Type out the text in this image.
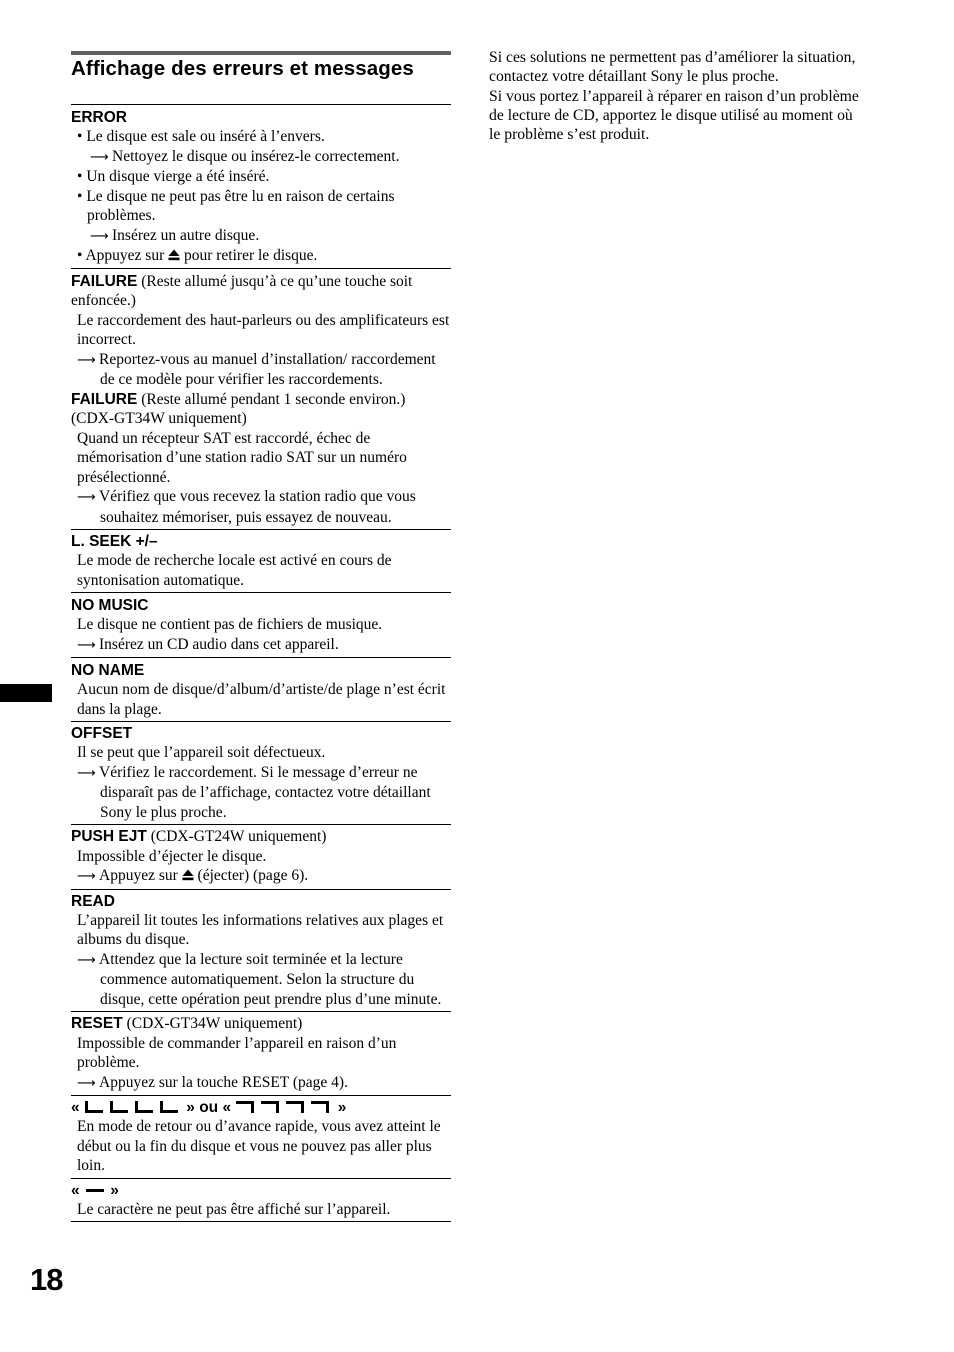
Affichage des erreurs et messages
ERROR
• Le disque est sale ou inséré à l’envers.
⟶ Nettoyez le disque ou insérez-le correctement.
• Un disque vierge a été inséré.
• Le disque ne peut pas être lu en raison de certains problèmes.
⟶ Insérez un autre disque.
• Appuyez sur pour retirer le disque.
FAILURE (Reste allumé jusqu’à ce qu’une touche soit enfoncée.)
Le raccordement des haut-parleurs ou des amplificateurs est incorrect.
⟶ Reportez-vous au manuel d’installation/ raccordement de ce modèle pour vérifier les raccordements.
FAILURE (Reste allumé pendant 1 seconde environ.) (CDX-GT34W uniquement)
Quand un récepteur SAT est raccordé, échec de mémorisation d’une station radio SAT sur un numéro présélectionné.
⟶ Vérifiez que vous recevez la station radio que vous souhaitez mémoriser, puis essayez de nouveau.
L. SEEK +/–
Le mode de recherche locale est activé en cours de syntonisation automatique.
NO MUSIC
Le disque ne contient pas de fichiers de musique.
⟶ Insérez un CD audio dans cet appareil.
NO NAME
Aucun nom de disque/d’album/d’artiste/de plage n’est écrit dans la plage.
OFFSET
Il se peut que l’appareil soit défectueux.
⟶ Vérifiez le raccordement. Si le message d’erreur ne disparaît pas de l’affichage, contactez votre détaillant Sony le plus proche.
PUSH EJT (CDX-GT24W uniquement)
Impossible d’éjecter le disque.
⟶ Appuyez sur (éjecter) (page 6).
READ
L’appareil lit toutes les informations relatives aux plages et albums du disque.
⟶ Attendez que la lecture soit terminée et la lecture commence automatiquement. Selon la structure du disque, cette opération peut prendre plus d’une minute.
RESET (CDX-GT34W uniquement)
Impossible de commander l’appareil en raison d’un problème.
⟶ Appuyez sur la touche RESET (page 4).
«	» ou «	»
En mode de retour ou d’avance rapide, vous avez atteint le début ou la fin du disque et vous ne pouvez pas aller plus loin.
« »
Le caractère ne peut pas être affiché sur l’appareil.
Si ces solutions ne permettent pas d’améliorer la situation, contactez votre détaillant Sony le plus proche.
Si vous portez l’appareil à réparer en raison d’un problème de lecture de CD, apportez le disque utilisé au moment où le problème s’est produit.
18
